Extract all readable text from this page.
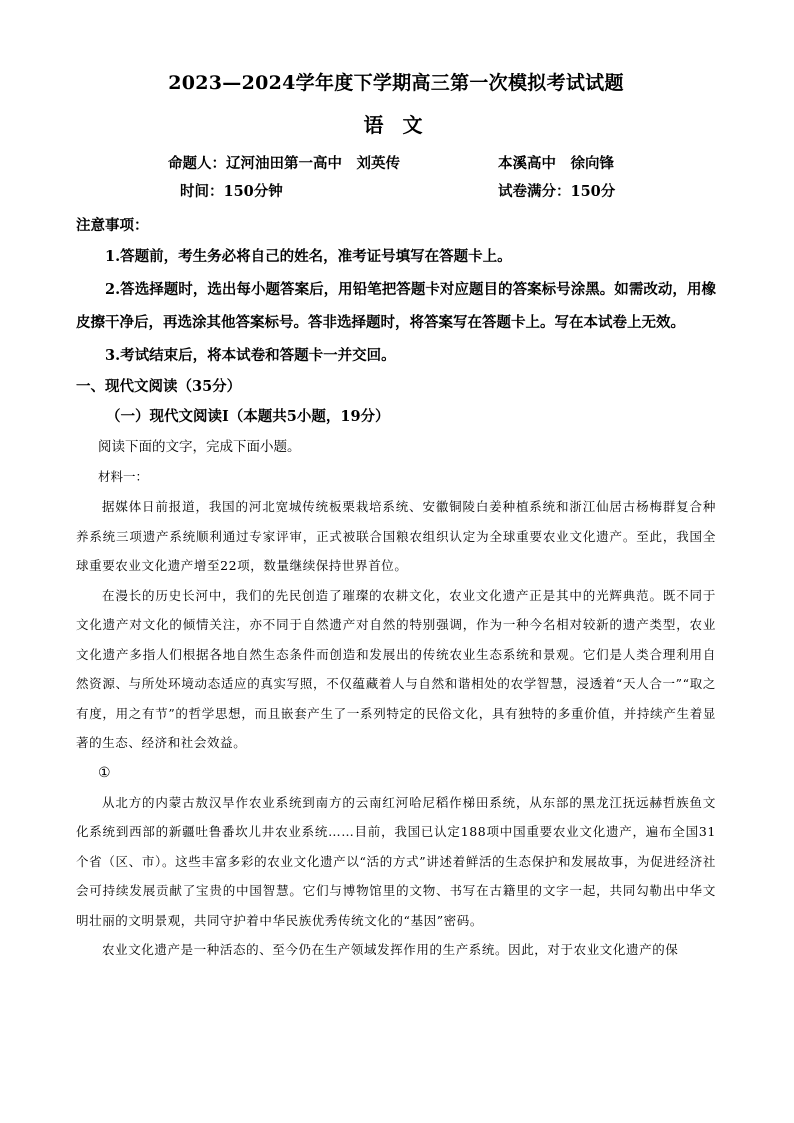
2023—2024学年度下学期高三第一次模拟考试试题
语 文
命题人：辽河油田第一高中　刘英传	本溪高中　徐向锋
时间：150分钟	试卷满分：150分
注意事项：

1.答题前，考生务必将自己的姓名，准考证号填写在答题卡上。

2.答选择题时，选出每小题答案后，用铅笔把答题卡对应题目的答案标号涂黑。如需改动，用橡皮擦干净后，再选涂其他答案标号。答非选择题时，将答案写在答题卡上。写在本试卷上无效。

3.考试结束后，将本试卷和答题卡一并交回。

一、现代文阅读（35分）

（一）现代文阅读Ⅰ（本题共5小题，19分）

阅读下面的文字，完成下面小题。

材料一：

据媒体日前报道，我国的河北宽城传统板栗栽培系统、安徽铜陵白姜种植系统和浙江仙居古杨梅群复合种养系统三项遗产系统顺利通过专家评审，正式被联合国粮农组织认定为全球重要农业文化遗产。至此，我国全球重要农业文化遗产增至22项，数量继续保持世界首位。

在漫长的历史长河中，我们的先民创造了璀璨的农耕文化，农业文化遗产正是其中的光辉典范。既不同于文化遗产对文化的倾情关注，亦不同于自然遗产对自然的特别强调，作为一种今名相对较新的遗产类型，农业文化遗产多指人们根据各地自然生态条件而创造和发展出的传统农业生态系统和景观。它们是人类合理利用自然资源、与所处环境动态适应的真实写照，不仅蕴藏着人与自然和谐相处的农学智慧，浸透着“天人合一”“取之有度，用之有节”的哲学思想，而且嵌套产生了一系列特定的民俗文化，具有独特的多重价值，并持续产生着显著的生态、经济和社会效益。

①

从北方的内蒙古敖汉旱作农业系统到南方的云南红河哈尼稻作梯田系统，从东部的黑龙江抚远赫哲族鱼文化系统到西部的新疆吐鲁番坎儿井农业系统……目前，我国已认定188项中国重要农业文化遗产，遍布全国31个省（区、市）。这些丰富多彩的农业文化遗产以“活的方式”讲述着鲜活的生态保护和发展故事，为促进经济社会可持续发展贡献了宝贵的中国智慧。它们与博物馆里的文物、书写在古籍里的文字一起，共同勾勒出中华文明壮丽的文明景观，共同守护着中华民族优秀传统文化的“基因”密码。

农业文化遗产是一种活态的、至今仍在生产领域发挥作用的生产系统。因此，对于农业文化遗产的保
